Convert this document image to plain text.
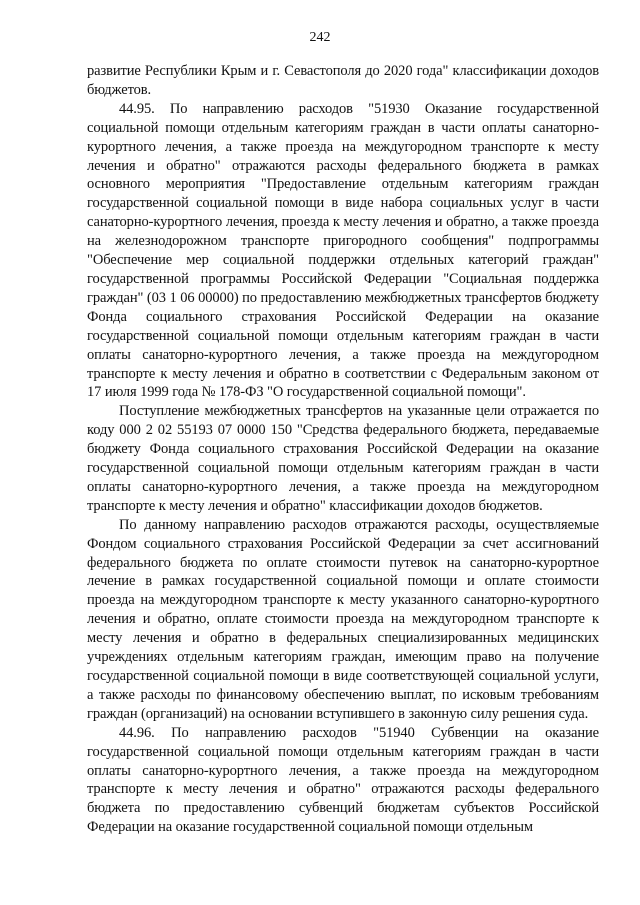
242

развитие Республики Крым и г. Севастополя до 2020 года" классификации доходов бюджетов.

44.95. По направлению расходов "51930 Оказание государственной социальной помощи отдельным категориям граждан в части оплаты санаторно-курортного лечения, а также проезда на междугородном транспорте к месту лечения и обратно" отражаются расходы федерального бюджета в рамках основного мероприятия "Предоставление отдельным категориям граждан государственной социальной помощи в виде набора социальных услуг в части санаторно-курортного лечения, проезда к месту лечения и обратно, а также проезда на железнодорожном транспорте пригородного сообщения" подпрограммы "Обеспечение мер социальной поддержки отдельных категорий граждан" государственной программы Российской Федерации "Социальная поддержка граждан" (03 1 06 00000) по предоставлению межбюджетных трансфертов бюджету Фонда социального страхования Российской Федерации на оказание государственной социальной помощи отдельным категориям граждан в части оплаты санаторно-курортного лечения, а также проезда на междугородном транспорте к месту лечения и обратно в соответствии с Федеральным законом от 17 июля 1999 года № 178-ФЗ "О государственной социальной помощи".

Поступление межбюджетных трансфертов на указанные цели отражается по коду 000 2 02 55193 07 0000 150 "Средства федерального бюджета, передаваемые бюджету Фонда социального страхования Российской Федерации на оказание государственной социальной помощи отдельным категориям граждан в части оплаты санаторно-курортного лечения, а также проезда на междугородном транспорте к месту лечения и обратно" классификации доходов бюджетов.

По данному направлению расходов отражаются расходы, осуществляемые Фондом социального страхования Российской Федерации за счет ассигнований федерального бюджета по оплате стоимости путевок на санаторно-курортное лечение в рамках государственной социальной помощи и оплате стоимости проезда на междугородном транспорте к месту указанного санаторно-курортного лечения и обратно, оплате стоимости проезда на междугородном транспорте к месту лечения и обратно в федеральных специализированных медицинских учреждениях отдельным категориям граждан, имеющим право на получение государственной социальной помощи в виде соответствующей социальной услуги, а также расходы по финансовому обеспечению выплат, по исковым требованиям граждан (организаций) на основании вступившего в законную силу решения суда.

44.96. По направлению расходов "51940 Субвенции на оказание государственной социальной помощи отдельным категориям граждан в части оплаты санаторно-курортного лечения, а также проезда на междугородном транспорте к месту лечения и обратно" отражаются расходы федерального бюджета по предоставлению субвенций бюджетам субъектов Российской Федерации на оказание государственной социальной помощи отдельным
